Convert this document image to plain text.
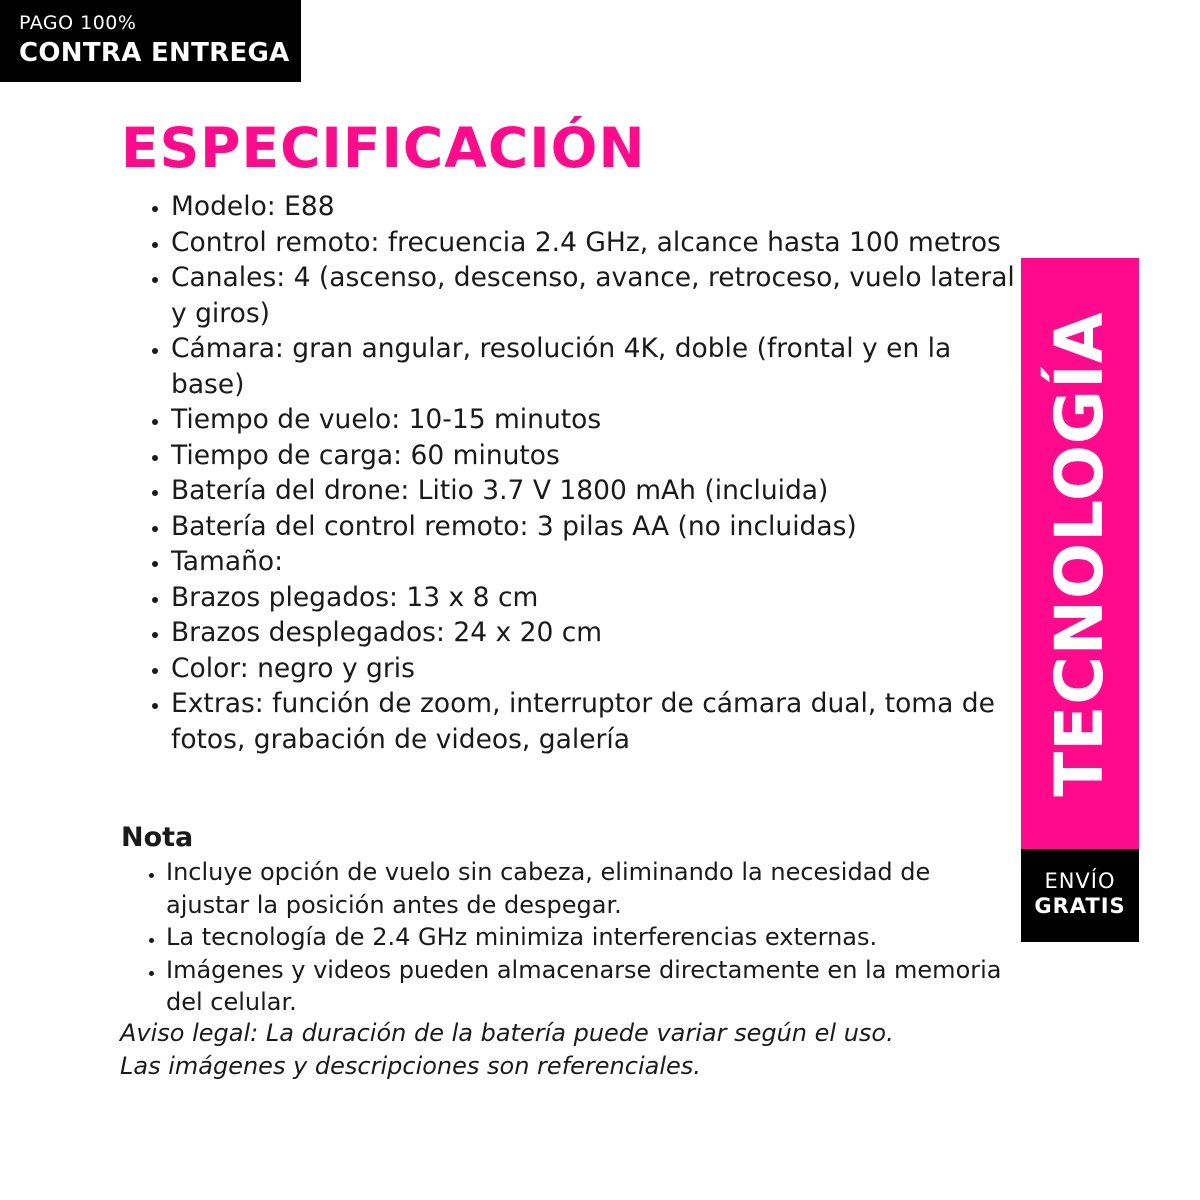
PAGO 100%
CONTRA ENTREGA
ESPECIFICACIÓN
• Modelo: E88
• Control remoto: frecuencia 2.4 GHz, alcance hasta 100 metros
• Canales: 4 (ascenso, descenso, avance, retroceso, vuelo lateral y giros)
• Cámara: gran angular, resolución 4K, doble (frontal y en la base)
• Tiempo de vuelo: 10-15 minutos
• Tiempo de carga: 60 minutos
• Batería del drone: Litio 3.7 V 1800 mAh (incluida)
• Batería del control remoto: 3 pilas AA (no incluidas)
• Tamaño:
• Brazos plegados: 13 x 8 cm
• Brazos desplegados: 24 x 20 cm
• Color: negro y gris
• Extras: función de zoom, interruptor de cámara dual, toma de fotos, grabación de videos, galería
Nota
• Incluye opción de vuelo sin cabeza, eliminando la necesidad de ajustar la posición antes de despegar.
• La tecnología de 2.4 GHz minimiza interferencias externas.
• Imágenes y videos pueden almacenarse directamente en la memoria del celular.
Aviso legal: La duración de la batería puede variar según el uso.
Las imágenes y descripciones son referenciales.
TECNOLOGÍA
ENVÍO
GRATIS
